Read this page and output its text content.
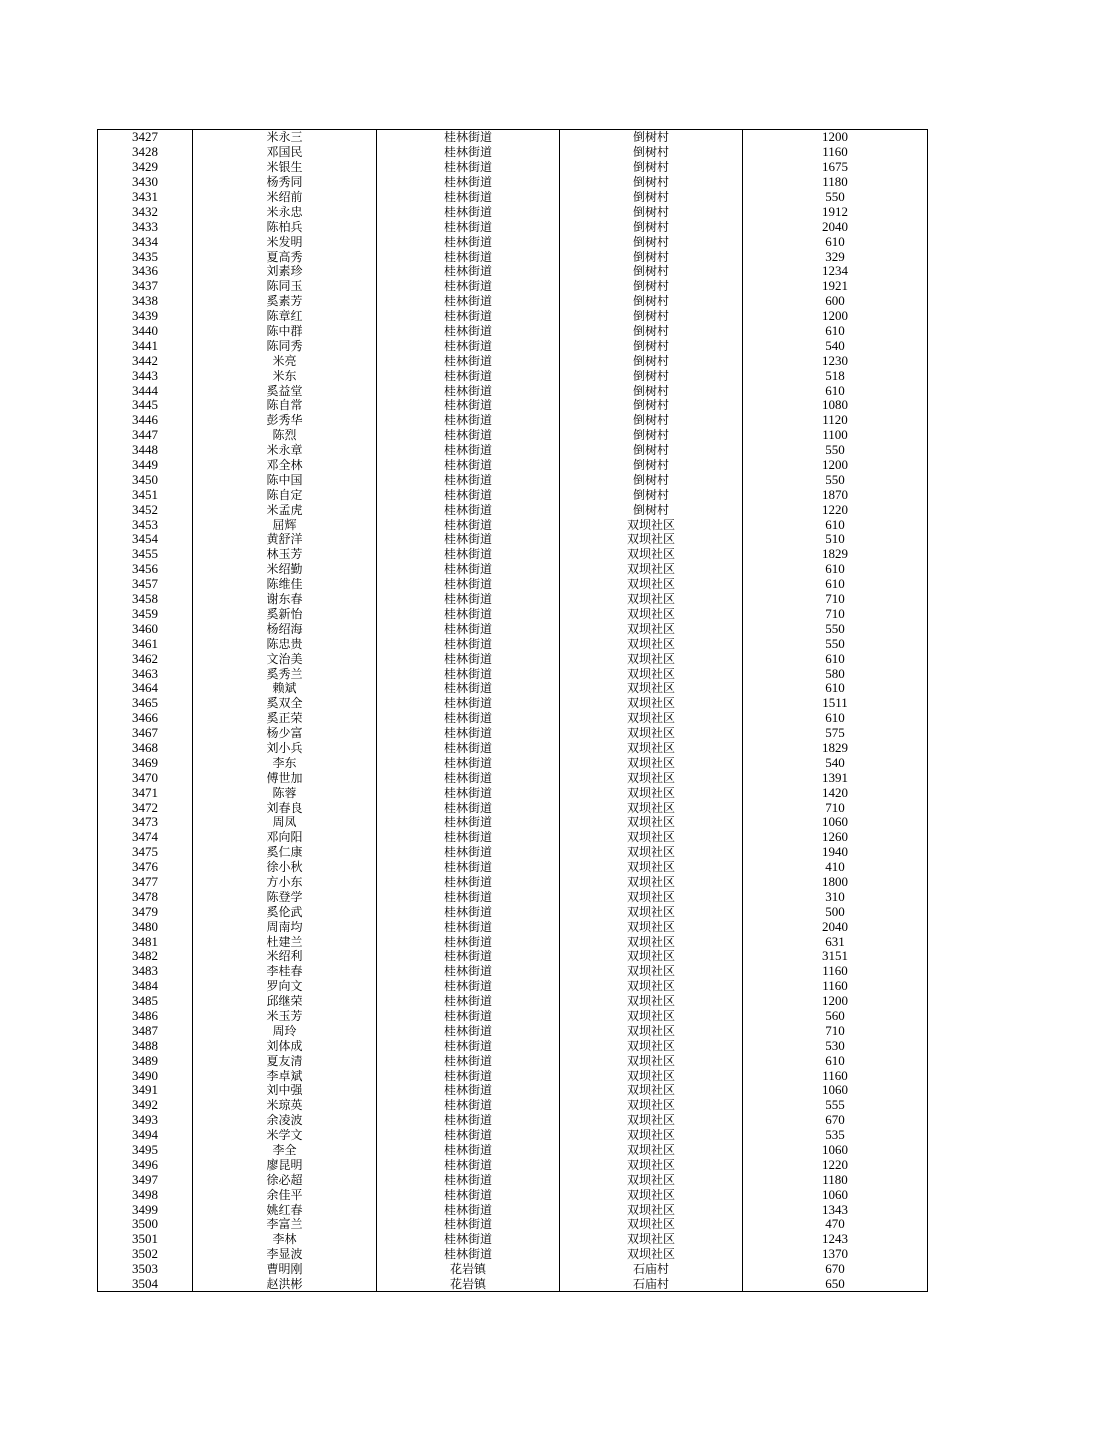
3427	米永三	桂林街道	倒树村	1200
3428	邓国民	桂林街道	倒树村	1160
3429	米银生	桂林街道	倒树村	1675
3430	杨秀同	桂林街道	倒树村	1180
3431	米绍前	桂林街道	倒树村	550
3432	米永忠	桂林街道	倒树村	1912
3433	陈柏兵	桂林街道	倒树村	2040
3434	米发明	桂林街道	倒树村	610
3435	夏高秀	桂林街道	倒树村	329
3436	刘素珍	桂林街道	倒树村	1234
3437	陈同玉	桂林街道	倒树村	1921
3438	奚素芳	桂林街道	倒树村	600
3439	陈章红	桂林街道	倒树村	1200
3440	陈中群	桂林街道	倒树村	610
3441	陈同秀	桂林街道	倒树村	540
3442	米亮	桂林街道	倒树村	1230
3443	米东	桂林街道	倒树村	518
3444	奚益堂	桂林街道	倒树村	610
3445	陈自常	桂林街道	倒树村	1080
3446	彭秀华	桂林街道	倒树村	1120
3447	陈烈	桂林街道	倒树村	1100
3448	米永章	桂林街道	倒树村	550
3449	邓全林	桂林街道	倒树村	1200
3450	陈中国	桂林街道	倒树村	550
3451	陈自定	桂林街道	倒树村	1870
3452	米孟虎	桂林街道	倒树村	1220
3453	屈辉	桂林街道	双坝社区	610
3454	黄舒洋	桂林街道	双坝社区	510
3455	林玉芳	桂林街道	双坝社区	1829
3456	米绍勤	桂林街道	双坝社区	610
3457	陈维佳	桂林街道	双坝社区	610
3458	谢东春	桂林街道	双坝社区	710
3459	奚新怡	桂林街道	双坝社区	710
3460	杨绍海	桂林街道	双坝社区	550
3461	陈忠贵	桂林街道	双坝社区	550
3462	文治美	桂林街道	双坝社区	610
3463	奚秀兰	桂林街道	双坝社区	580
3464	赖斌	桂林街道	双坝社区	610
3465	奚双全	桂林街道	双坝社区	1511
3466	奚正荣	桂林街道	双坝社区	610
3467	杨少富	桂林街道	双坝社区	575
3468	刘小兵	桂林街道	双坝社区	1829
3469	李东	桂林街道	双坝社区	540
3470	傅世加	桂林街道	双坝社区	1391
3471	陈蓉	桂林街道	双坝社区	1420
3472	刘春良	桂林街道	双坝社区	710
3473	周凤	桂林街道	双坝社区	1060
3474	邓向阳	桂林街道	双坝社区	1260
3475	奚仁康	桂林街道	双坝社区	1940
3476	徐小秋	桂林街道	双坝社区	410
3477	方小东	桂林街道	双坝社区	1800
3478	陈登学	桂林街道	双坝社区	310
3479	奚伦武	桂林街道	双坝社区	500
3480	周南均	桂林街道	双坝社区	2040
3481	杜建兰	桂林街道	双坝社区	631
3482	米绍利	桂林街道	双坝社区	3151
3483	李桂春	桂林街道	双坝社区	1160
3484	罗向文	桂林街道	双坝社区	1160
3485	邱继荣	桂林街道	双坝社区	1200
3486	米玉芳	桂林街道	双坝社区	560
3487	周玲	桂林街道	双坝社区	710
3488	刘体成	桂林街道	双坝社区	530
3489	夏友清	桂林街道	双坝社区	610
3490	李卓斌	桂林街道	双坝社区	1160
3491	刘中强	桂林街道	双坝社区	1060
3492	米琼英	桂林街道	双坝社区	555
3493	余凌波	桂林街道	双坝社区	670
3494	米学文	桂林街道	双坝社区	535
3495	李全	桂林街道	双坝社区	1060
3496	廖昆明	桂林街道	双坝社区	1220
3497	徐必超	桂林街道	双坝社区	1180
3498	余佳平	桂林街道	双坝社区	1060
3499	姚红春	桂林街道	双坝社区	1343
3500	李富兰	桂林街道	双坝社区	470
3501	李林	桂林街道	双坝社区	1243
3502	李显波	桂林街道	双坝社区	1370
3503	曹明刚	花岩镇	石庙村	670
3504	赵洪彬	花岩镇	石庙村	650
